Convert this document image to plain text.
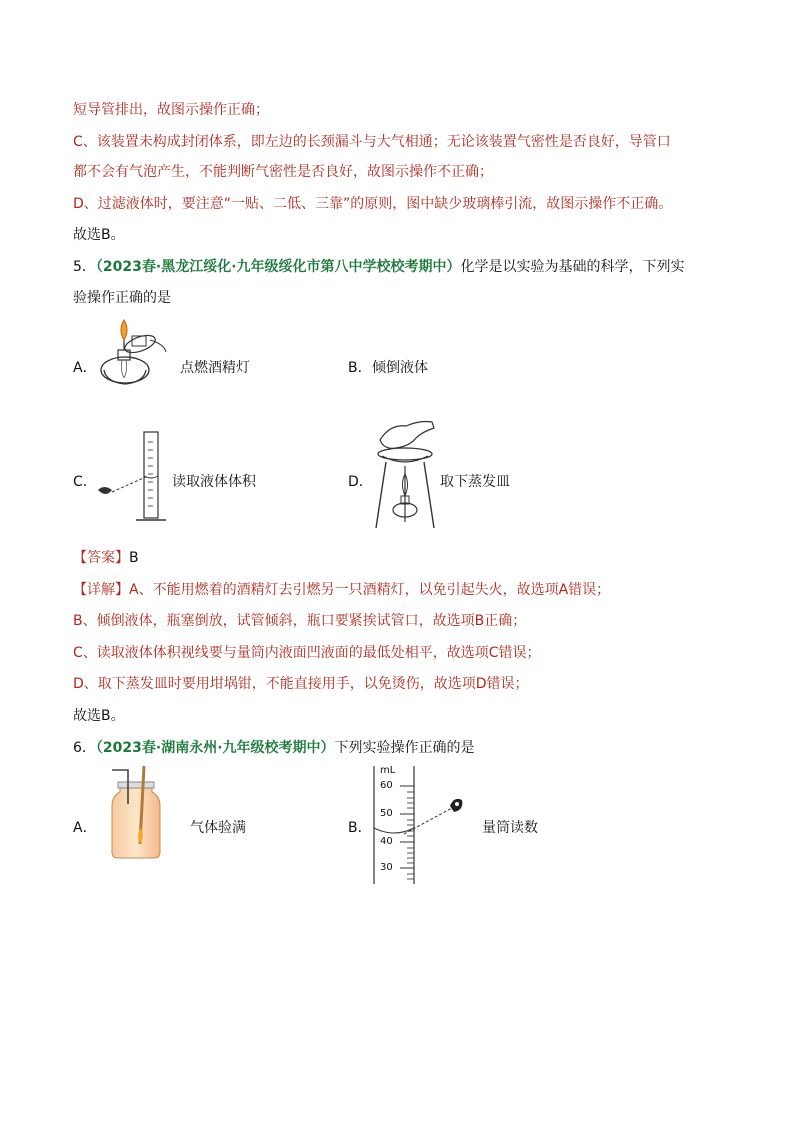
短导管排出，故图示操作正确；
C、该装置未构成封闭体系，即左边的长颈漏斗与大气相通；无论该装置气密性是否良好，导管口
都不会有气泡产生，不能判断气密性是否良好，故图示操作不正确；
D、过滤液体时，要注意“一贴、二低、三靠”的原则，图中缺少玻璃棒引流，故图示操作不正确。
故选B。
5．（2023春·黑龙江绥化·九年级绥化市第八中学校校考期中）化学是以实验为基础的科学，下列实
验操作正确的是
A．	点燃酒精灯	B． 倾倒液体
C．	读取液体体积	D．	取下蒸发皿
【答案】B
【详解】A、不能用燃着的酒精灯去引燃另一只酒精灯，以免引起失火，故选项A错误；
B、倾倒液体，瓶塞倒放，试管倾斜，瓶口要紧挨试管口，故选项B正确；
C、读取液体体积视线要与量筒内液面凹液面的最低处相平，故选项C错误；
D、取下蒸发皿时要用坩埚钳，不能直接用手，以免烫伤，故选项D错误；
故选B。
6．（2023春·湖南永州·九年级校考期中）下列实验操作正确的是
A．	气体验满	B．
mL
60
50
40
30
量筒读数
